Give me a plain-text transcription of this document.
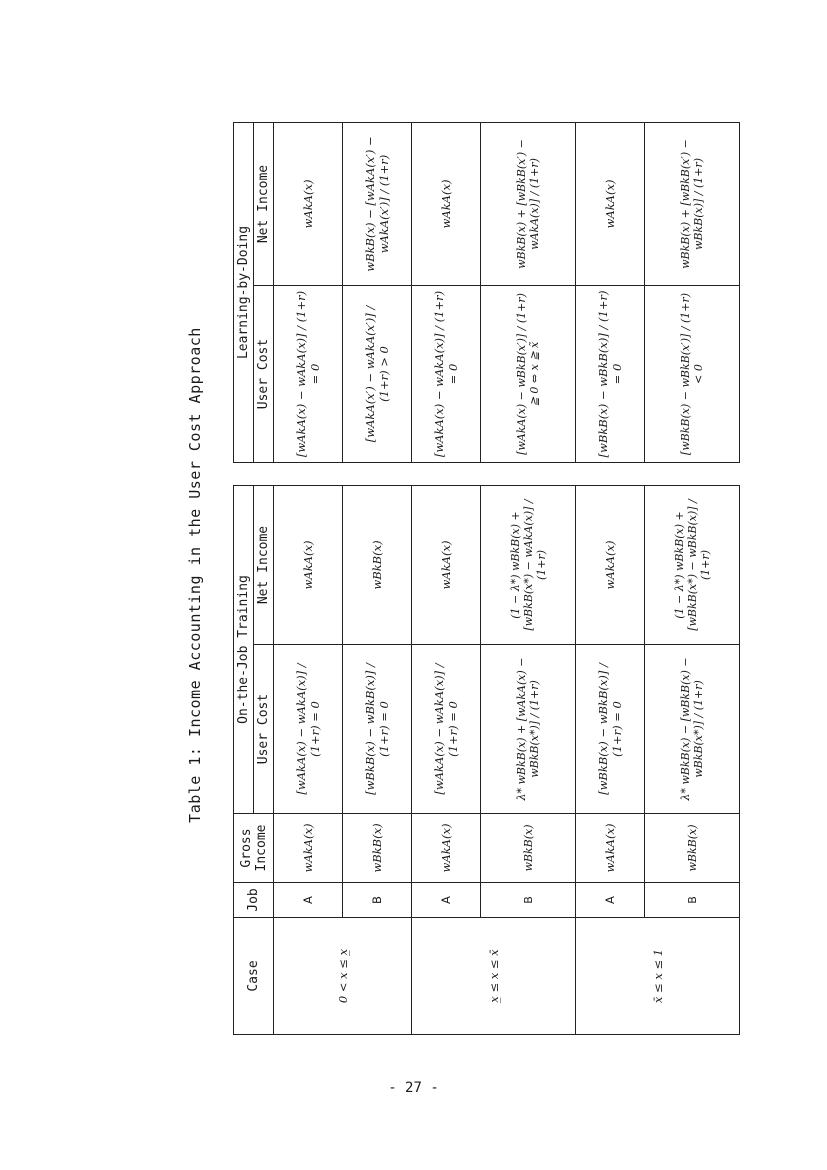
Table 1: Income Accounting in the User Cost Approach
Case	Job	Gross Income	On-the-Job Training			Learning-by-Doing	
			User Cost	Net Income		User Cost	Net Income
0 < x ≤ x̲	A	wAkA(x)	[wAkA(x) − wAkA(x)] / (1+r) = 0	wAkA(x)		[wAkA(x) − wAkA(x)] / (1+r) = 0	wAkA(x)
	B	wBkB(x)	[wBkB(x) − wBkB(x)] / (1+r) = 0	wBkB(x)		[wAkA(x′) − wAkA(x′)] / (1+r) > 0	wBkB(x) − [wAkA(x′) − wAkA(x′)] / (1+r)
x̲ ≤ x ≤ x̄	A	wAkA(x)	[wAkA(x) − wAkA(x)] / (1+r) = 0	wAkA(x)		[wAkA(x) − wAkA(x)] / (1+r) = 0	wAkA(x)
	B	wBkB(x)	λ* wBkB(x) + [wAkA(x) − wBkB(x*)] / (1+r)	(1 − λ*) wBkB(x) + [wBkB(x*) − wAkA(x)] / (1+r)		[wAkA(x) − wBkB(x′)] / (1+r) ≧ 0 ⇔ x ≧ x̃	wBkB(x) + [wBkB(x′) − wAkA(x)] / (1+r)
x̄ ≤ x ≤ 1	A	wAkA(x)	[wBkB(x) − wBkB(x)] / (1+r) = 0	wAkA(x)		[wBkB(x) − wBkB(x)] / (1+r) = 0	wAkA(x)
	B	wBkB(x)	λ* wBkB(x) − [wBkB(x) − wBkB(x*)] / (1+r)	(1 − λ*) wBkB(x) + [wBkB(x*) − wBkB(x)] / (1+r)		[wBkB(x) − wBkB(x′)] / (1+r) < 0	wBkB(x) + [wBkB(x′) − wBkB(x)] / (1+r)
- 27 -
